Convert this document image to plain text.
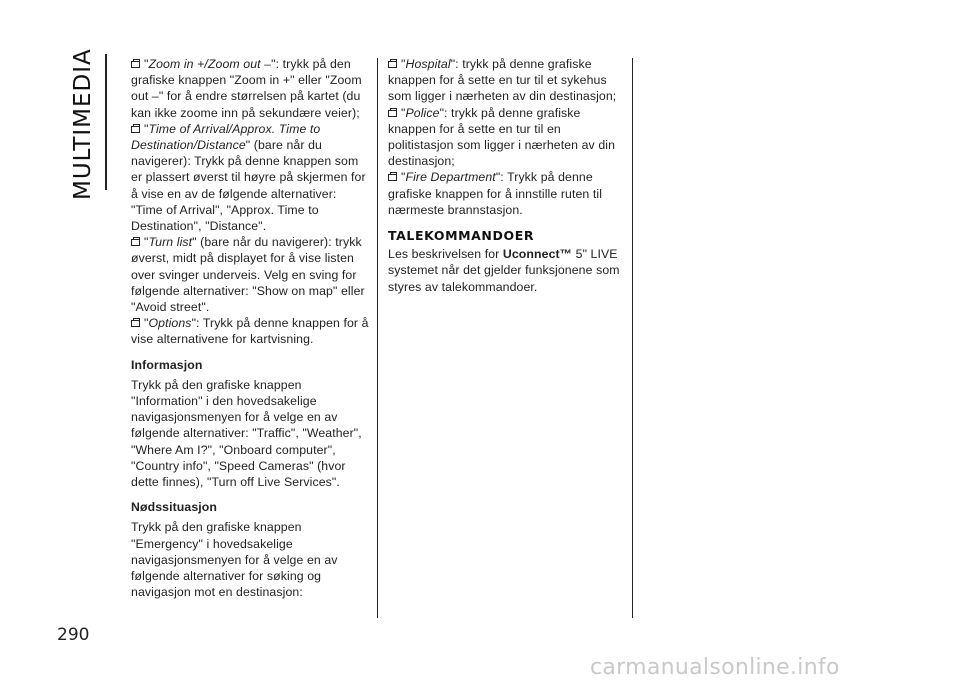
MULTIMEDIA	"Zoom in +/Zoom out –": trykk på den grafiske knappen "Zoom in +" eller "Zoom out –" for å endre størrelsen på kartet (du kan ikke zoome inn på sekundære veier);

"Time of Arrival/Approx. Time to Destination/Distance" (bare når du navigerer): Trykk på denne knappen som er plassert øverst til høyre på skjermen for å vise en av de følgende alternativer: "Time of Arrival", "Approx. Time to Destination", "Distance".

"Turn list" (bare når du navigerer): trykk øverst, midt på displayet for å vise listen over svinger underveis. Velg en sving for følgende alternativer: "Show on map" eller "Avoid street".

"Options": Trykk på denne knappen for å vise alternativene for kartvisning.

Informasjon

Trykk på den grafiske knappen "Information" i den hovedsakelige navigasjonsmenyen for å velge en av følgende alternativer: "Traffic", "Weather", "Where Am I?", "Onboard computer", "Country info", "Speed Cameras" (hvor dette finnes), "Turn off Live Services".

Nødssituasjon

Trykk på den grafiske knappen "Emergency" i hovedsakelige navigasjonsmenyen for å velge en av følgende alternativer for søking og navigasjon mot en destinasjon:

"Hospital": trykk på denne grafiske knappen for å sette en tur til et sykehus som ligger i nærheten av din destinasjon;

"Police": trykk på denne grafiske knappen for å sette en tur til en politistasjon som ligger i nærheten av din destinasjon;

"Fire Department": Trykk på denne grafiske knappen for å innstille ruten til nærmeste brannstasjon.

TALEKOMMANDOER

Les beskrivelsen for Uconnect™ 5" LIVE systemet når det gjelder funksjonene som styres av talekommandoer.

290
carmanualsonline.info
